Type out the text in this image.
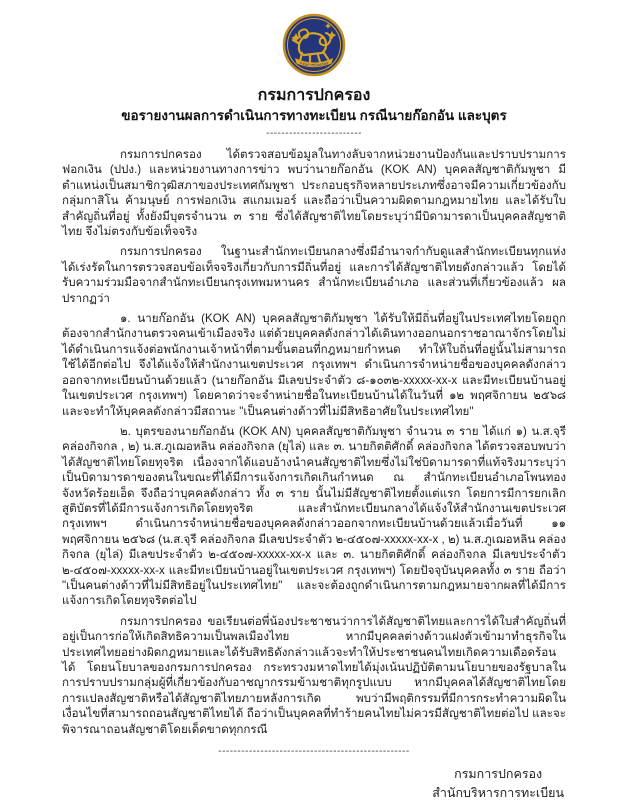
กรมการปกครอง
กรมการปกครอง
ขอรายงานผลการดำเนินการทางทะเบียน กรณีนายก๊อกอัน และบุตร
-------------------------

กรมการปกครอง ได้ตรวจสอบข้อมูลในทางลับจากหน่วยงานป้องกันและปราบปรามการฟอกเงิน (ปปง.) และหน่วยงานทางการข่าว พบว่านายก๊อกอัน (KOK AN) บุคคลสัญชาติกัมพูชา มีตำแหน่งเป็นสมาชิกวุฒิสภาของประเทศกัมพูชา ประกอบธุรกิจหลายประเภทซึ่งอาจมีความเกี่ยวข้องกับกลุ่มกาสิโน ค้ามนุษย์ การฟอกเงิน สแกมเมอร์ และถือว่าเป็นความผิดตามกฎหมายไทย และได้รับใบสำคัญถิ่นที่อยู่ ทั้งยังมีบุตรจำนวน ๓ ราย ซึ่งได้สัญชาติไทยโดยระบุว่ามีบิดามารดาเป็นบุคคลสัญชาติไทย จึงไม่ตรงกับข้อเท็จจริง

กรมการปกครอง ในฐานะสำนักทะเบียนกลางซึ่งมีอำนาจกำกับดูแลสำนักทะเบียนทุกแห่ง ได้เร่งรัดในการตรวจสอบข้อเท็จจริงเกี่ยวกับการมีถิ่นที่อยู่ และการได้สัญชาติไทยดังกล่าวแล้ว โดยได้รับความร่วมมือจากสำนักทะเบียนกรุงเทพมหานคร สำนักทะเบียนอำเภอ และส่วนที่เกี่ยวข้องแล้ว ผลปรากฏว่า

๑. นายก๊อกอัน (KOK AN) บุคคลสัญชาติกัมพูชา ได้รับให้มีถิ่นที่อยู่ในประเทศไทยโดยถูกต้องจากสำนักงานตรวจคนเข้าเมืองจริง แต่ด้วยบุคคลดังกล่าวได้เดินทางออกนอกราชอาณาจักรโดยไม่ได้ดำเนินการแจ้งต่อพนักงานเจ้าหน้าที่ตามขั้นตอนที่กฎหมายกำหนด ทำให้ใบถิ่นที่อยู่นั้นไม่สามารถใช้ได้อีกต่อไป จึงได้แจ้งให้สำนักงานเขตประเวศ กรุงเทพฯ ดำเนินการจำหน่ายชื่อของบุคคลดังกล่าวออกจากทะเบียนบ้านด้วยแล้ว (นายก๊อกอัน มีเลขประจำตัว ๘-๑๐๓๒-xxxxx-xx-x และมีทะเบียนบ้านอยู่ในเขตประเวศ กรุงเทพฯ) โดยคาดว่าจะจำหน่ายชื่อในทะเบียนบ้านได้ในวันที่ ๑๒ พฤศจิกายน ๒๕๖๘ และจะทำให้บุคคลดังกล่าวมีสถานะ "เป็นคนต่างด้าวที่ไม่มีสิทธิอาศัยในประเทศไทย"

๒. บุตรของนายก๊อกอัน (KOK AN) บุคคลสัญชาติกัมพูชา จำนวน ๓ ราย ได้แก่ ๑) น.ส.จุรี คล่องกิจกล , ๒) น.ส.ภูเฌอหลิน คล่องกิจกล (ยุไล่) และ ๓. นายกิตติศักดิ์ คล่องกิจกล ได้ตรวจสอบพบว่าได้สัญชาติไทยโดยทุจริต เนื่องจากได้แอบอ้างนำคนสัญชาติไทยซึ่งไม่ใช่บิดามารดาที่แท้จริงมาระบุว่าเป็นบิดามารดาของตนในขณะที่ได้มีการแจ้งการเกิดเกินกำหนด ณ สำนักทะเบียนอำเภอโพนทอง จังหวัดร้อยเอ็ด จึงถือว่าบุคคลดังกล่าว ทั้ง ๓ ราย นั้นไม่มีสัญชาติไทยตั้งแต่แรก โดยการมีการยกเลิกสูติบัตรที่ได้มีการแจ้งการเกิดโดยทุจริต และสำนักทะเบียนกลางได้แจ้งให้สำนักงานเขตประเวศ กรุงเทพฯ ดำเนินการจำหน่ายชื่อของบุคคลดังกล่าวออกจากทะเบียนบ้านด้วยแล้วเมื่อวันที่ ๑๑ พฤศจิกายน ๒๕๖๘ (น.ส.จุรี คล่องกิจกล มีเลขประจำตัว ๒-๔๕๐๗-xxxxx-xx-x , ๒) น.ส.ภูเฌอหลิน คล่องกิจกล (ยุไล่) มีเลขประจำตัว ๒-๔๕๐๗-xxxxx-xx-x และ ๓. นายกิตติศักดิ์ คล่องกิจกล มีเลขประจำตัว ๒-๔๕๐๗-xxxxx-xx-x และมีทะเบียนบ้านอยู่ในเขตประเวศ กรุงเทพฯ) โดยปัจจุบันบุคคลทั้ง ๓ ราย ถือว่า "เป็นคนต่างด้าวที่ไม่มีสิทธิอยู่ในประเทศไทย" และจะต้องถูกดำเนินการตามกฎหมายจากผลที่ได้มีการแจ้งการเกิดโดยทุจริตต่อไป

กรมการปกครอง ขอเรียนต่อพี่น้องประชาชนว่าการได้สัญชาติไทยและการได้ใบสำคัญถิ่นที่อยู่เป็นการก่อให้เกิดสิทธิความเป็นพลเมืองไทย หากมีบุคคลต่างด้าวแฝงตัวเข้ามาทำธุรกิจในประเทศไทยอย่างผิดกฎหมายและได้รับสิทธิดังกล่าวแล้วจะทำให้ประชาชนคนไทยเกิดความเดือดร้อนได้ โดยนโยบาลของกรมการปกครอง กระทรวงมหาดไทยได้มุ่งเน้นปฏิบัติตามนโยบายของรัฐบาลในการปราบปรามกลุ่มผู้ที่เกี่ยวข้องกับอาชญากรรมข้ามชาติทุกรูปแบบ หากมีบุคคลได้สัญชาติไทยโดยการแปลงสัญชาติหรือได้สัญชาติไทยภายหลังการเกิด พบว่ามีพฤติกรรมที่มีการกระทำความผิดในเงื่อนไขที่สามารถถอนสัญชาติไทยได้ ถือว่าเป็นบุคคลที่ทำร้ายคนไทยไม่ควรมีสัญชาติไทยต่อไป และจะพิจารณาถอนสัญชาติโดยเด็ดขาดทุกกรณี

--------------------------------------------------
กรมการปกครอง
สำนักบริหารการทะเบียน
